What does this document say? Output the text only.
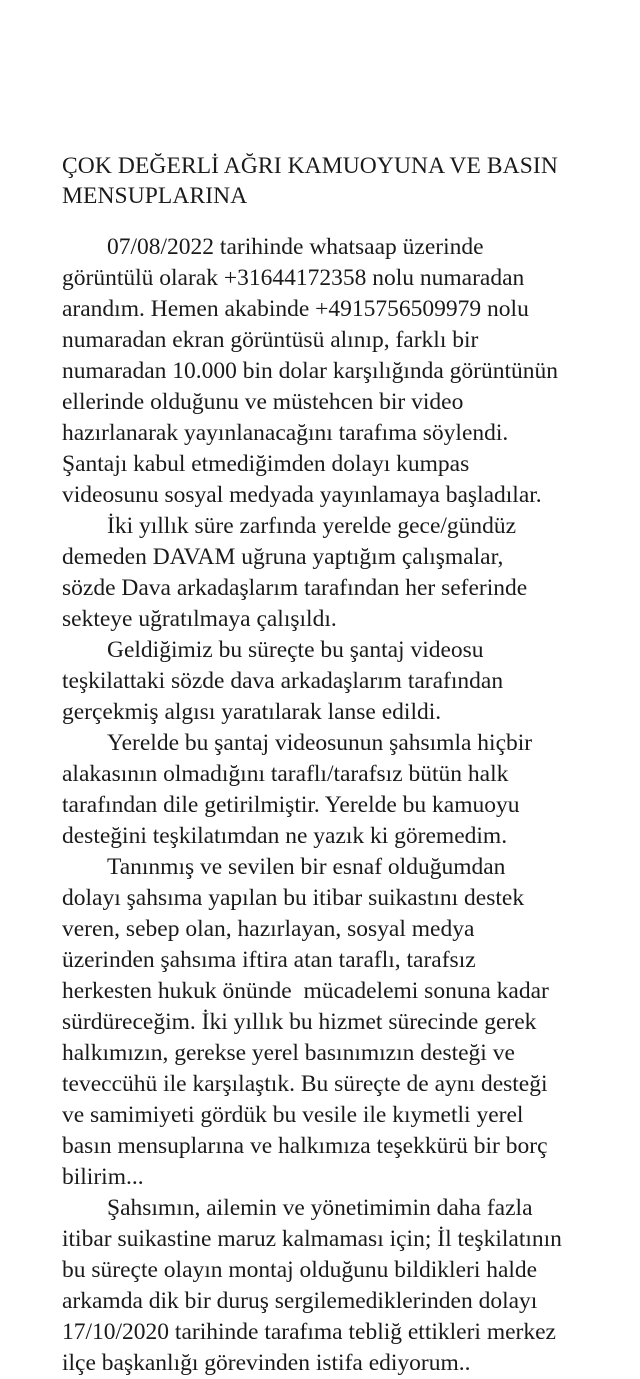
ÇOK DEĞERLİ AĞRI KAMUOYUNA VE BASIN MENSUPLARINA

07/08/2022 tarihinde whatsaap üzerinde görüntülü olarak +31644172358 nolu numaradan arandım. Hemen akabinde +4915756509979 nolu numaradan ekran görüntüsü alınıp, farklı bir numaradan 10.000 bin dolar karşılığında görüntünün ellerinde olduğunu ve müstehcen bir video hazırlanarak yayınlanacağını tarafıma söylendi. Şantajı kabul etmediğimden dolayı kumpas videosunu sosyal medyada yayınlamaya başladılar.

İki yıllık süre zarfında yerelde gece/gündüz demeden DAVAM uğruna yaptığım çalışmalar, sözde Dava arkadaşlarım tarafından her seferinde sekteye uğratılmaya çalışıldı.

Geldiğimiz bu süreçte bu şantaj videosu teşkilattaki sözde dava arkadaşlarım tarafından gerçekmiş algısı yaratılarak lanse edildi.

Yerelde bu şantaj videosunun şahsımla hiçbir alakasının olmadığını taraflı/tarafsız bütün halk tarafından dile getirilmiştir. Yerelde bu kamuoyu desteğini teşkilatımdan ne yazık ki göremedim.

Tanınmış ve sevilen bir esnaf olduğumdan dolayı şahsıma yapılan bu itibar suikastını destek veren, sebep olan, hazırlayan, sosyal medya üzerinden şahsıma iftira atan taraflı, tarafsız herkesten hukuk önünde  mücadelemi sonuna kadar sürdüreceğim. İki yıllık bu hizmet sürecinde gerek halkımızın, gerekse yerel basınımızın desteği ve teveccühü ile karşılaştık. Bu süreçte de aynı desteği ve samimiyeti gördük bu vesile ile kıymetli yerel basın mensuplarına ve halkımıza teşekkürü bir borç bilirim...

Şahsımın, ailemin ve yönetimimin daha fazla itibar suikastine maruz kalmaması için; İl teşkilatının bu süreçte olayın montaj olduğunu bildikleri halde arkamda dik bir duruş sergilemediklerinden dolayı 17/10/2020 tarihinde tarafıma tebliğ ettikleri merkez ilçe başkanlığı görevinden istifa ediyorum..
